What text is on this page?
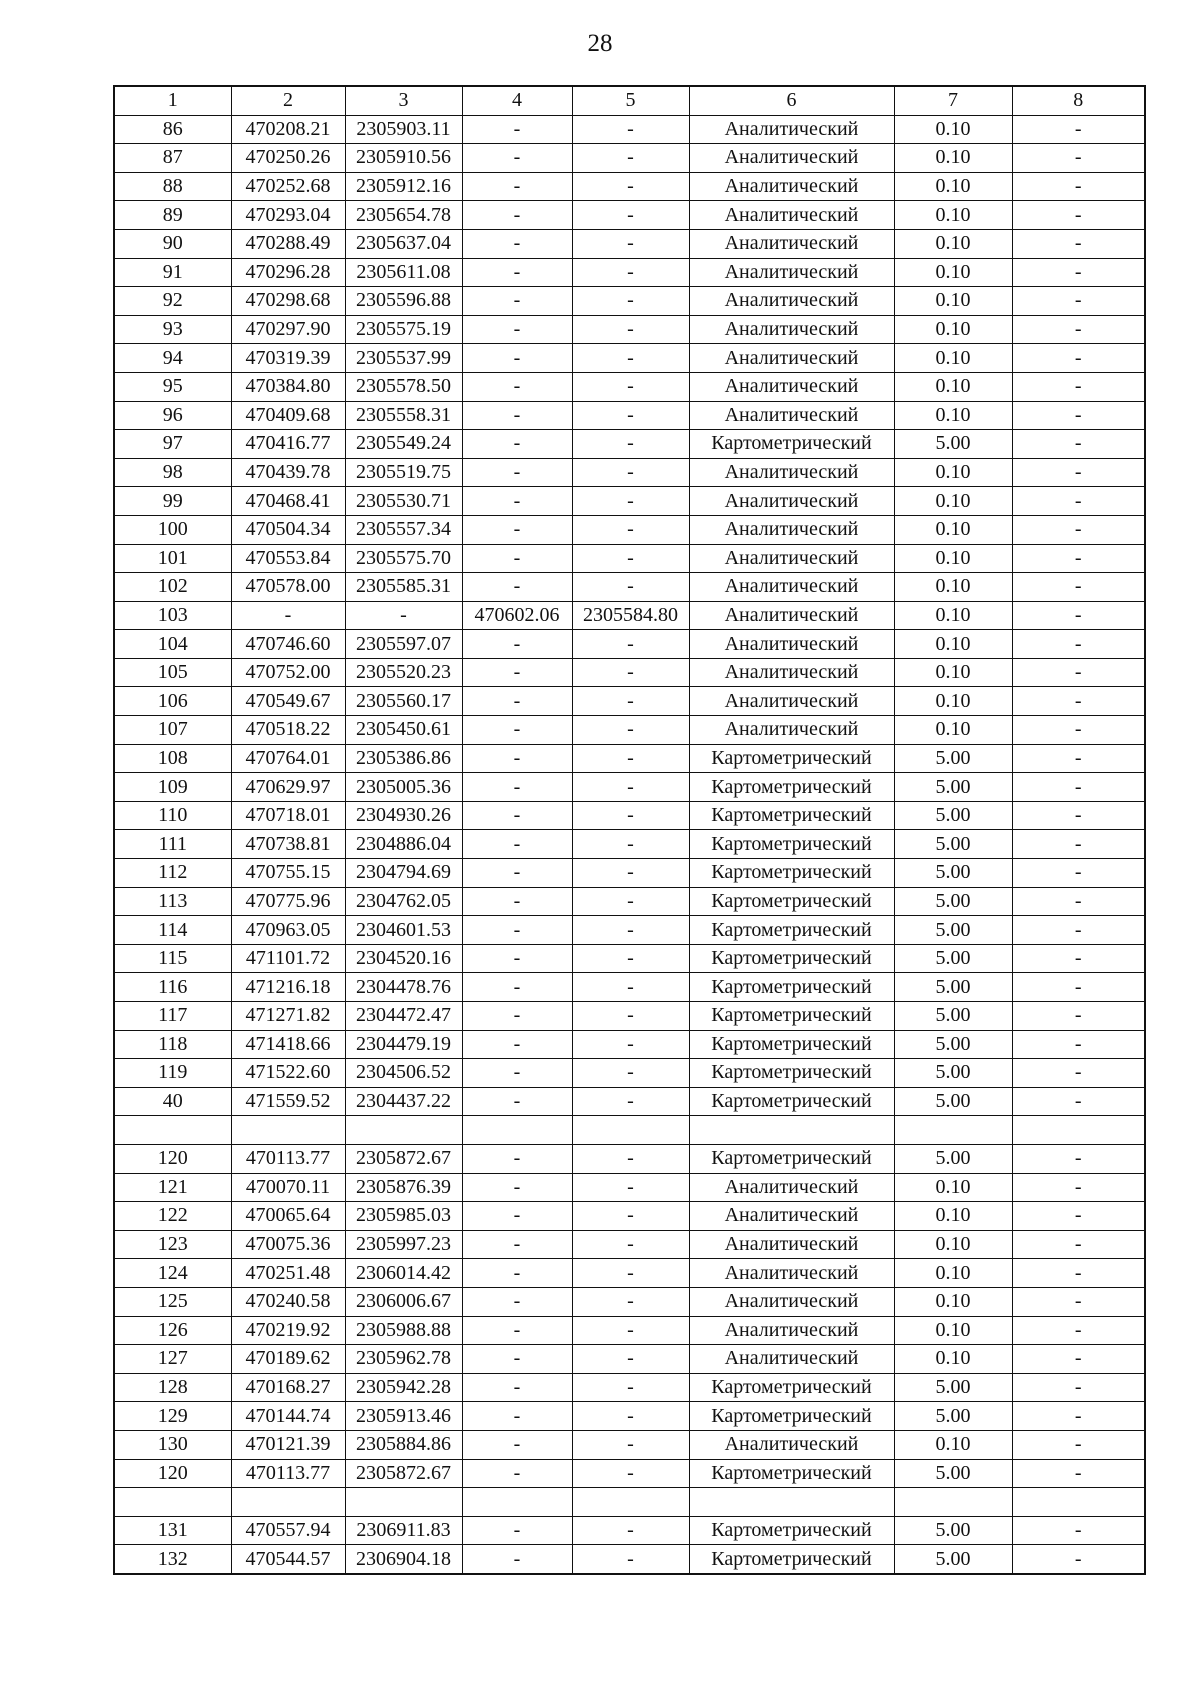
28
1	2	3	4	5	6	7	8
86	470208.21	2305903.11	-	-	Аналитический	0.10	-
87	470250.26	2305910.56	-	-	Аналитический	0.10	-
88	470252.68	2305912.16	-	-	Аналитический	0.10	-
89	470293.04	2305654.78	-	-	Аналитический	0.10	-
90	470288.49	2305637.04	-	-	Аналитический	0.10	-
91	470296.28	2305611.08	-	-	Аналитический	0.10	-
92	470298.68	2305596.88	-	-	Аналитический	0.10	-
93	470297.90	2305575.19	-	-	Аналитический	0.10	-
94	470319.39	2305537.99	-	-	Аналитический	0.10	-
95	470384.80	2305578.50	-	-	Аналитический	0.10	-
96	470409.68	2305558.31	-	-	Аналитический	0.10	-
97	470416.77	2305549.24	-	-	Картометрический	5.00	-
98	470439.78	2305519.75	-	-	Аналитический	0.10	-
99	470468.41	2305530.71	-	-	Аналитический	0.10	-
100	470504.34	2305557.34	-	-	Аналитический	0.10	-
101	470553.84	2305575.70	-	-	Аналитический	0.10	-
102	470578.00	2305585.31	-	-	Аналитический	0.10	-
103	-	-	470602.06	2305584.80	Аналитический	0.10	-
104	470746.60	2305597.07	-	-	Аналитический	0.10	-
105	470752.00	2305520.23	-	-	Аналитический	0.10	-
106	470549.67	2305560.17	-	-	Аналитический	0.10	-
107	470518.22	2305450.61	-	-	Аналитический	0.10	-
108	470764.01	2305386.86	-	-	Картометрический	5.00	-
109	470629.97	2305005.36	-	-	Картометрический	5.00	-
110	470718.01	2304930.26	-	-	Картометрический	5.00	-
111	470738.81	2304886.04	-	-	Картометрический	5.00	-
112	470755.15	2304794.69	-	-	Картометрический	5.00	-
113	470775.96	2304762.05	-	-	Картометрический	5.00	-
114	470963.05	2304601.53	-	-	Картометрический	5.00	-
115	471101.72	2304520.16	-	-	Картометрический	5.00	-
116	471216.18	2304478.76	-	-	Картометрический	5.00	-
117	471271.82	2304472.47	-	-	Картометрический	5.00	-
118	471418.66	2304479.19	-	-	Картометрический	5.00	-
119	471522.60	2304506.52	-	-	Картометрический	5.00	-
40	471559.52	2304437.22	-	-	Картометрический	5.00	-

120	470113.77	2305872.67	-	-	Картометрический	5.00	-
121	470070.11	2305876.39	-	-	Аналитический	0.10	-
122	470065.64	2305985.03	-	-	Аналитический	0.10	-
123	470075.36	2305997.23	-	-	Аналитический	0.10	-
124	470251.48	2306014.42	-	-	Аналитический	0.10	-
125	470240.58	2306006.67	-	-	Аналитический	0.10	-
126	470219.92	2305988.88	-	-	Аналитический	0.10	-
127	470189.62	2305962.78	-	-	Аналитический	0.10	-
128	470168.27	2305942.28	-	-	Картометрический	5.00	-
129	470144.74	2305913.46	-	-	Картометрический	5.00	-
130	470121.39	2305884.86	-	-	Аналитический	0.10	-
120	470113.77	2305872.67	-	-	Картометрический	5.00	-

131	470557.94	2306911.83	-	-	Картометрический	5.00	-
132	470544.57	2306904.18	-	-	Картометрический	5.00	-
